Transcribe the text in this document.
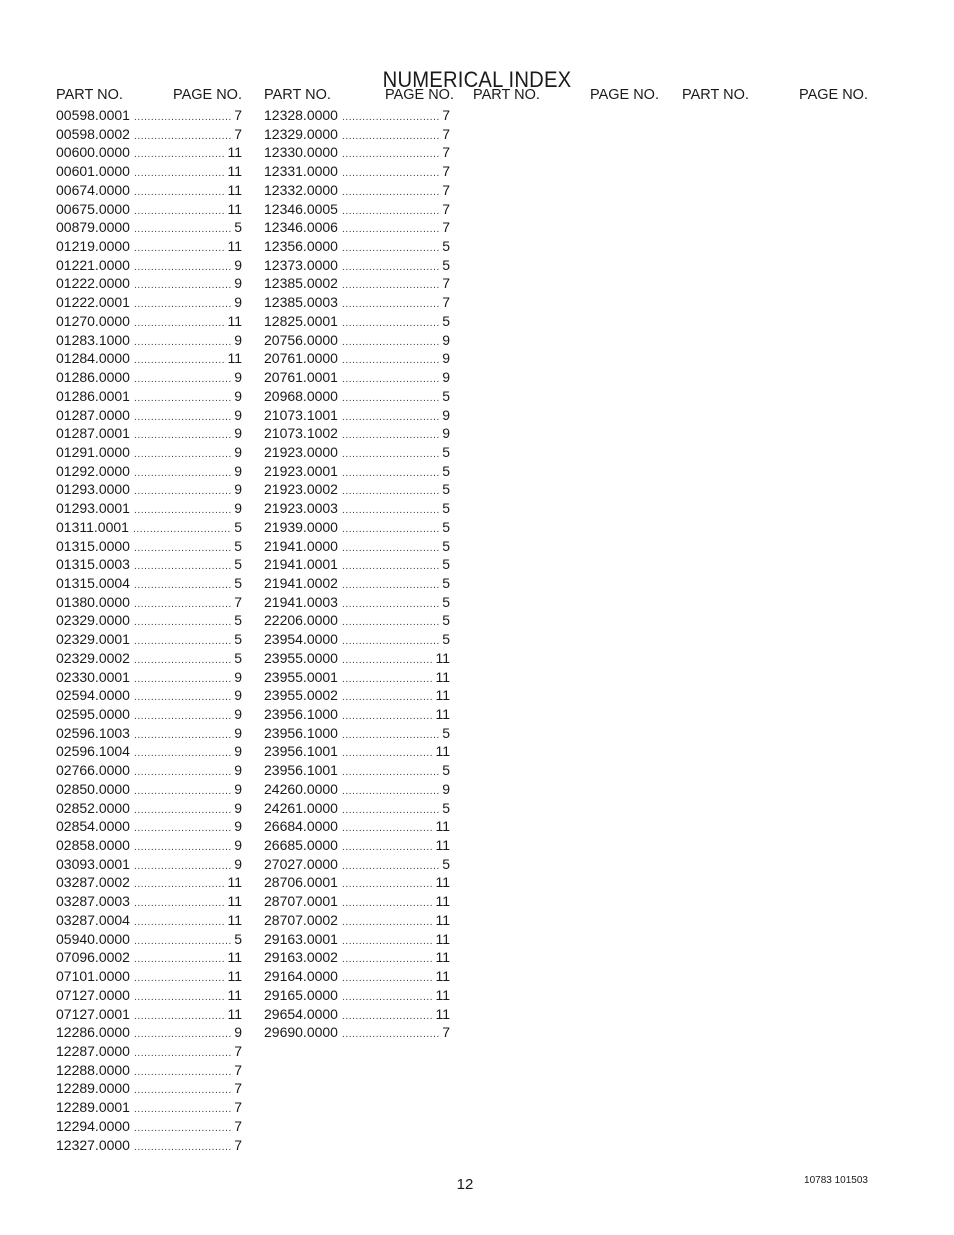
NUMERICAL INDEX
PART NO.	PAGE NO.
00598.0001 .....	7
00598.0002 .....	7
00600.0000 .....	11
00601.0000 .....	11
00674.0000 .....	11
00675.0000 .....	11
00879.0000 .....	5
01219.0000 .....	11
01221.0000 .....	9
01222.0000 .....	9
01222.0001 .....	9
01270.0000 .....	11
01283.1000 .....	9
01284.0000 .....	11
01286.0000 .....	9
01286.0001 .....	9
01287.0000 .....	9
01287.0001 .....	9
01291.0000 .....	9
01292.0000 .....	9
01293.0000 .....	9
01293.0001 .....	9
01311.0001 .....	5
01315.0000 .....	5
01315.0003 .....	5
01315.0004 .....	5
01380.0000 .....	7
02329.0000 .....	5
02329.0001 .....	5
02329.0002 .....	5
02330.0001 .....	9
02594.0000 .....	9
02595.0000 .....	9
02596.1003 .....	9
02596.1004 .....	9
02766.0000 .....	9
02850.0000 .....	9
02852.0000 .....	9
02854.0000 .....	9
02858.0000 .....	9
03093.0001 .....	9
03287.0002 .....	11
03287.0003 .....	11
03287.0004 .....	11
05940.0000 .....	5
07096.0002 .....	11
07101.0000 .....	11
07127.0000 .....	11
07127.0001 .....	11
12286.0000 .....	9
12287.0000 .....	7
12288.0000 .....	7
12289.0000 .....	7
12289.0001 .....	7
12294.0000 .....	7
12327.0000 .....	7
PART NO.	PAGE NO.
12328.0000 .....	7
12329.0000 .....	7
12330.0000 .....	7
12331.0000 .....	7
12332.0000 .....	7
12346.0005 .....	7
12346.0006 .....	7
12356.0000 .....	5
12373.0000 .....	5
12385.0002 .....	7
12385.0003 .....	7
12825.0001 .....	5
20756.0000 .....	9
20761.0000 .....	9
20761.0001 .....	9
20968.0000 .....	5
21073.1001 .....	9
21073.1002 .....	9
21923.0000 .....	5
21923.0001 .....	5
21923.0002 .....	5
21923.0003 .....	5
21939.0000 .....	5
21941.0000 .....	5
21941.0001 .....	5
21941.0002 .....	5
21941.0003 .....	5
22206.0000 .....	5
23954.0000 .....	5
23955.0000 .....	11
23955.0001 .....	11
23955.0002 .....	11
23956.1000 .....	11
23956.1000 .....	5
23956.1001 .....	11
23956.1001 .....	5
24260.0000 .....	9
24261.0000 .....	5
26684.0000 .....	11
26685.0000 .....	11
27027.0000 .....	5
28706.0001 .....	11
28707.0001 .....	11
28707.0002 .....	11
29163.0001 .....	11
29163.0002 .....	11
29164.0000 .....	11
29165.0000 .....	11
29654.0000 .....	11
29690.0000 .....	7
PART NO.	PAGE NO. PART NO.	PAGE NO.
12	10783 101503
